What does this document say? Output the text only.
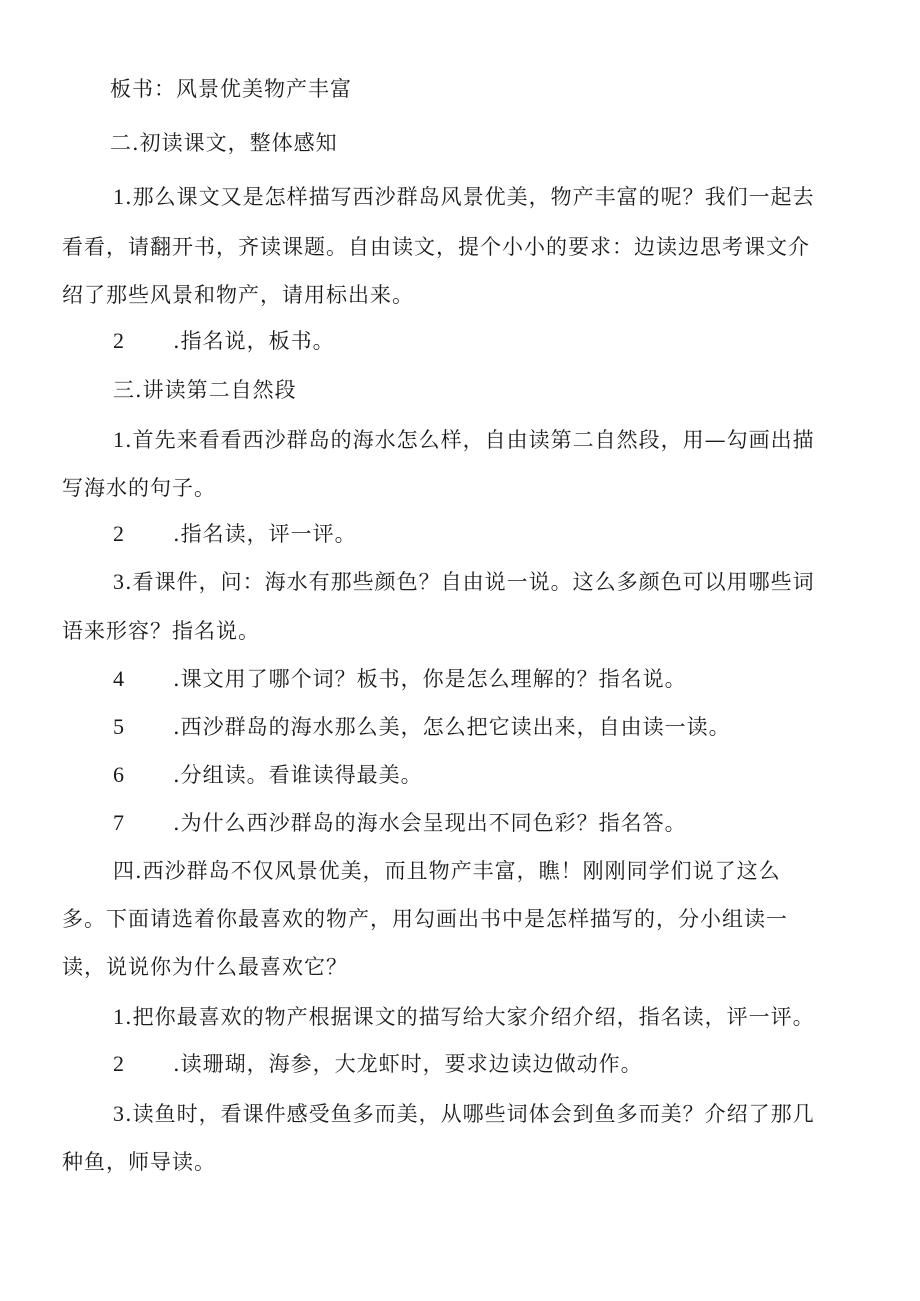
板书：风景优美物产丰富
二.初读课文，整体感知
1.那么课文又是怎样描写西沙群岛风景优美，物产丰富的呢？我们一起去
看看，请翻开书，齐读课题。自由读文，提个小小的要求：边读边思考课文介
绍了那些风景和物产，请用标出来。
2 .指名说，板书。
三.讲读第二自然段
1.首先来看看西沙群岛的海水怎么样，自由读第二自然段，用—勾画出描
写海水的句子。
2 .指名读，评一评。
3.看课件，问：海水有那些颜色？自由说一说。这么多颜色可以用哪些词
语来形容？指名说。
4 .课文用了哪个词？板书，你是怎么理解的？指名说。
5 .西沙群岛的海水那么美，怎么把它读出来，自由读一读。
6 .分组读。看谁读得最美。
7 .为什么西沙群岛的海水会呈现出不同色彩？指名答。
四.西沙群岛不仅风景优美，而且物产丰富，瞧！刚刚同学们说了这么
多。下面请选着你最喜欢的物产，用勾画出书中是怎样描写的，分小组读一
读，说说你为什么最喜欢它？
1.把你最喜欢的物产根据课文的描写给大家介绍介绍，指名读，评一评。
2 .读珊瑚，海参，大龙虾时，要求边读边做动作。
3.读鱼时，看课件感受鱼多而美，从哪些词体会到鱼多而美？介绍了那几
种鱼，师导读。
